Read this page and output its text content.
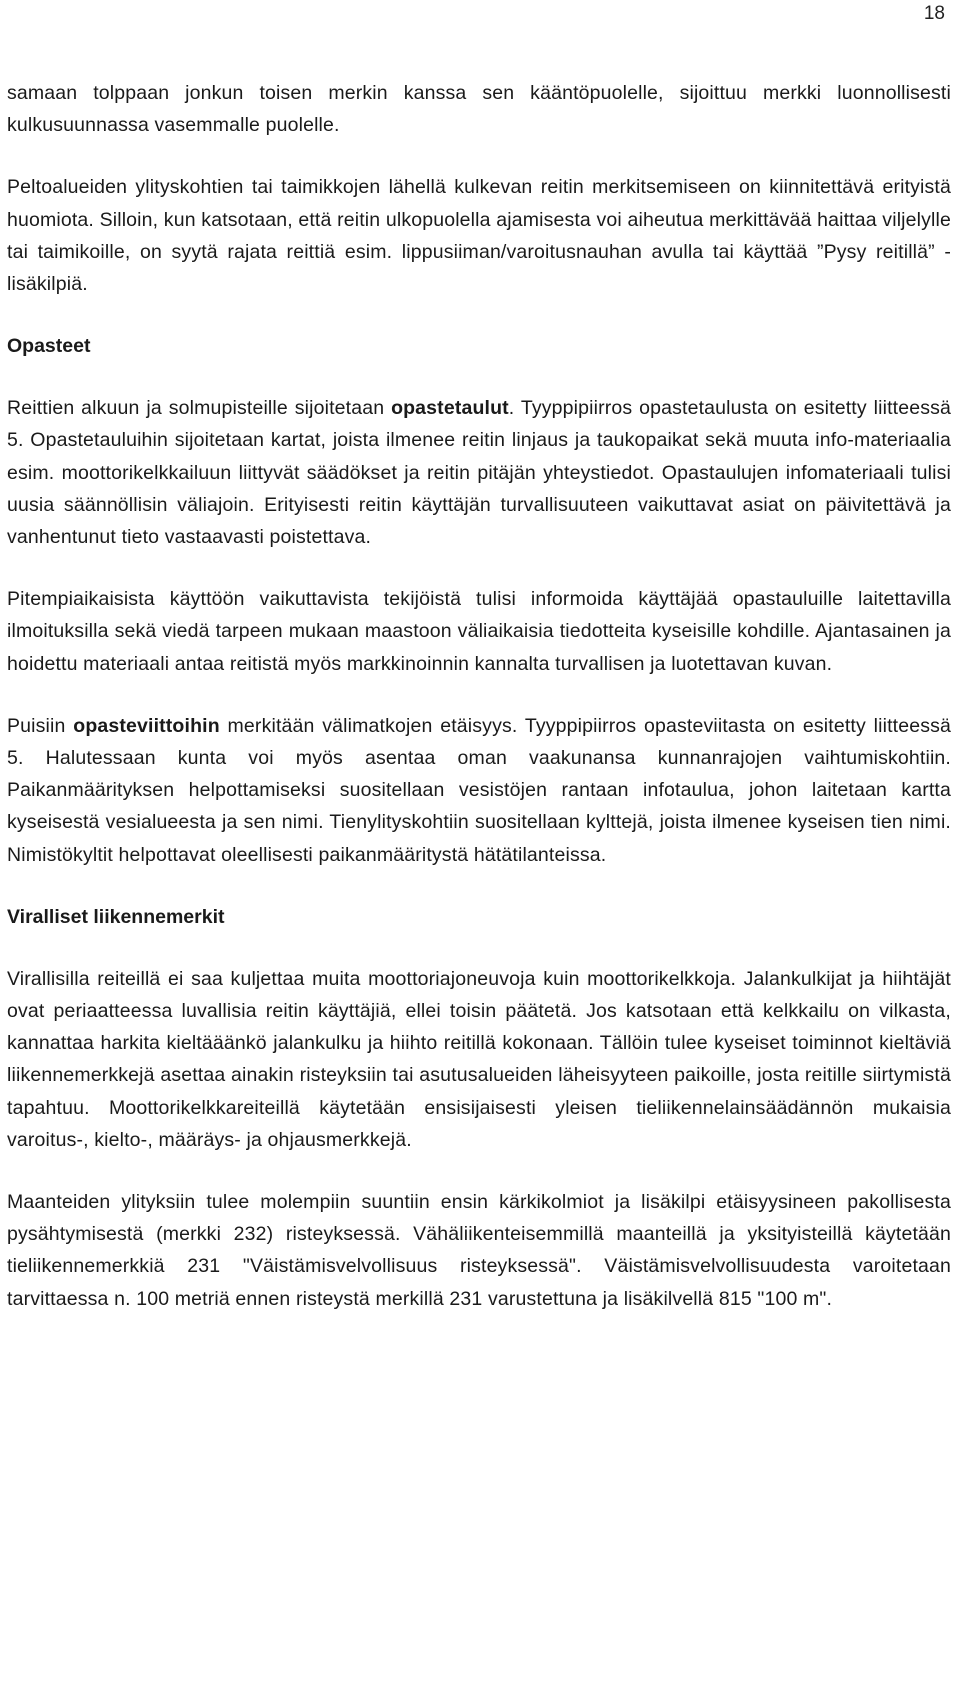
18

samaan tolppaan jonkun toisen merkin kanssa sen kääntöpuolelle, sijoittuu merkki luonnollisesti kulkusuunnassa vasemmalle puolelle.

Peltoalueiden ylityskohtien tai taimikkojen lähellä kulkevan reitin merkitsemiseen on kiinnitettävä erityistä huomiota. Silloin, kun katsotaan, että reitin ulkopuolella ajamisesta voi aiheutua merkittävää haittaa viljelylle tai taimikoille, on syytä rajata reittiä esim. lippusiiman/varoitusnauhan avulla tai käyttää ”Pysy reitillä” -lisäkilpiä.

Opasteet

Reittien alkuun ja solmupisteille sijoitetaan opastetaulut. Tyyppipiirros opastetaulusta on esitetty liitteessä 5. Opastetauluihin sijoitetaan kartat, joista ilmenee reitin linjaus ja taukopaikat sekä muuta info-materiaalia esim. moottorikelkkailuun liittyvät säädökset ja reitin pitäjän yhteystiedot. Opastaulujen infomateriaali tulisi uusia säännöllisin väliajoin. Erityisesti reitin käyttäjän turvallisuuteen vaikuttavat asiat on päivitettävä ja vanhentunut tieto vastaavasti poistettava.

Pitempiaikaisista käyttöön vaikuttavista tekijöistä tulisi informoida käyttäjää opastauluille laitettavilla ilmoituksilla sekä viedä tarpeen mukaan maastoon väliaikaisia tiedotteita kyseisille kohdille. Ajantasainen ja hoidettu materiaali antaa reitistä myös markkinoinnin kannalta turvallisen ja luotettavan kuvan.

Puisiin opasteviittoihin merkitään välimatkojen etäisyys. Tyyppipiirros opasteviitasta on esitetty liitteessä 5. Halutessaan kunta voi myös asentaa oman vaakunansa kunnanrajojen vaihtumiskohtiin. Paikanmäärityksen helpottamiseksi suositellaan vesistöjen rantaan infotaulua, johon laitetaan kartta kyseisestä vesialueesta ja sen nimi. Tienylityskohtiin suositellaan kylttejä, joista ilmenee kyseisen tien nimi. Nimistökyltit helpottavat oleellisesti paikanmääritystä hätätilanteissa.

Viralliset liikennemerkit

Virallisilla reiteillä ei saa kuljettaa muita moottoriajoneuvoja kuin moottorikelkkoja. Jalankulkijat ja hiihtäjät ovat periaatteessa luvallisia reitin käyttäjiä, ellei toisin päätetä. Jos katsotaan että kelkkailu on vilkasta, kannattaa harkita kieltääänkö jalankulku ja hiihto reitillä kokonaan. Tällöin tulee kyseiset toiminnot kieltäviä liikennemerkkejä asettaa ainakin risteyksiin tai asutusalueiden läheisyyteen paikoille, josta reitille siirtymistä tapahtuu. Moottorikelkkareiteillä käytetään ensisijaisesti yleisen tieliikennelainsäädännön mukaisia varoitus-, kielto-, määräys- ja ohjausmerkkejä.

Maanteiden ylityksiin tulee molempiin suuntiin ensin kärkikolmiot ja lisäkilpi etäisyysineen pakollisesta pysähtymisestä (merkki 232) risteyksessä. Vähäliikenteisemmillä maanteillä ja yksityisteillä käytetään tieliikennemerkkiä 231 "Väistämisvelvollisuus risteyksessä". Väistämisvelvollisuudesta varoitetaan tarvittaessa n. 100 metriä ennen risteystä merkillä 231 varustettuna ja lisäkilvellä 815 "100 m".
